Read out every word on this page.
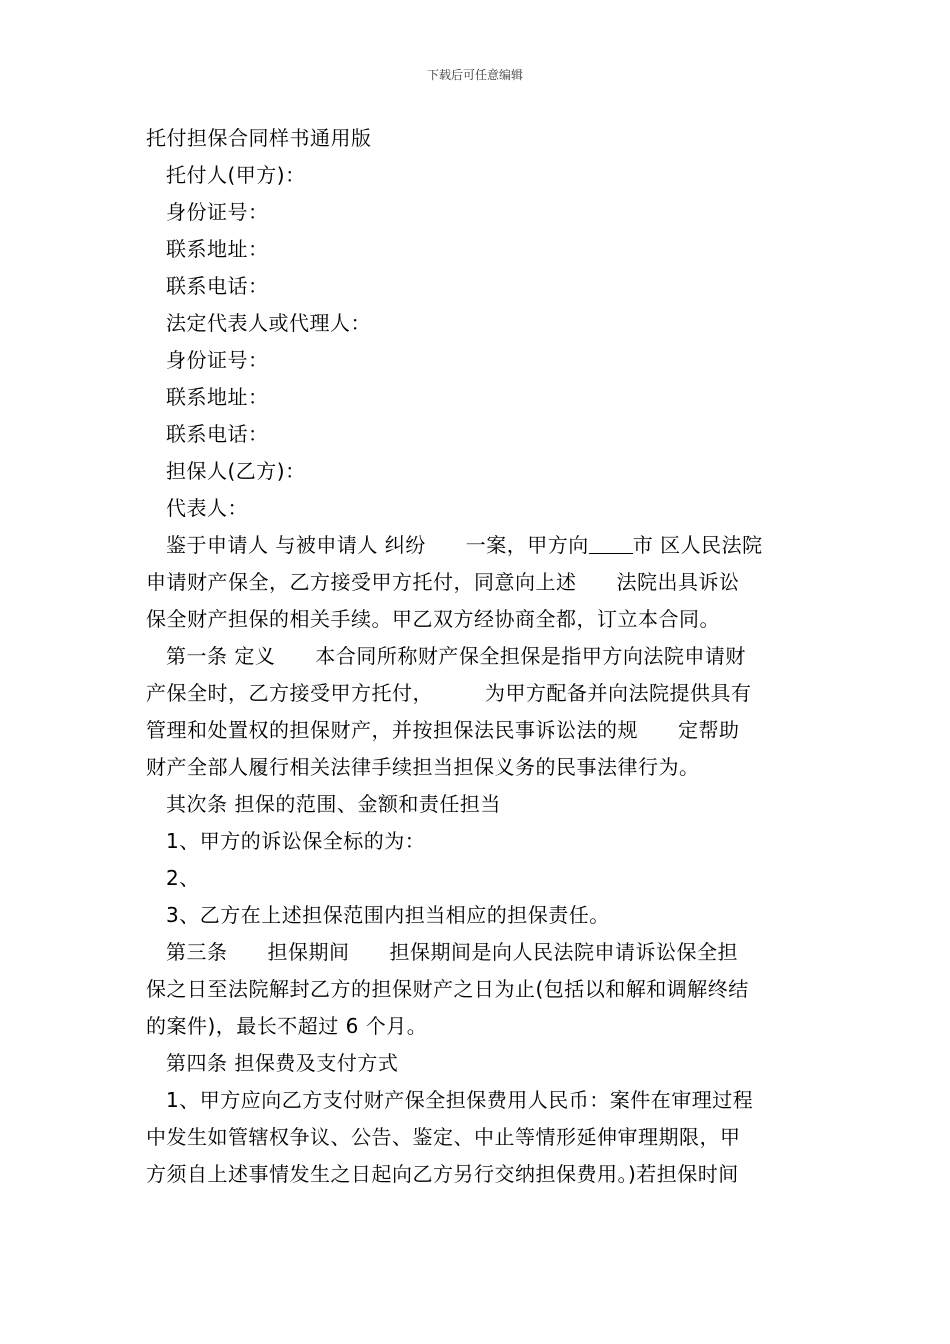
下载后可任意编辑
托付担保合同样书通用版
托付人(甲方)：
身份证号：
联系地址：
联系电话：
法定代表人或代理人：
身份证号：
联系地址：
联系电话：
担保人(乙方)：
代表人：
鉴于申请人 与被申请人 纠纷 一案，甲方向 市 区人民法院
申请财产保全，乙方接受甲方托付，同意向上述 法院出具诉讼
保全财产担保的相关手续。甲乙双方经协商全都，订立本合同。
第一条 定义 本合同所称财产保全担保是指甲方向法院申请财
产保全时，乙方接受甲方托付，	为甲方配备并向法院提供具有
管理和处置权的担保财产，并按担保法民事诉讼法的规 定帮助
财产全部人履行相关法律手续担当担保义务的民事法律行为。
其次条 担保的范围、金额和责任担当
1、甲方的诉讼保全标的为：
2、
3、乙方在上述担保范围内担当相应的担保责任。
第三条 担保期间 担保期间是向人民法院申请诉讼保全担
保之日至法院解封乙方的担保财产之日为止(包括以和解和调解终结
的案件)，最长不超过 6 个月。
第四条 担保费及支付方式
1、甲方应向乙方支付财产保全担保费用人民币：案件在审理过程
中发生如管辖权争议、公告、鉴定、中止等情形延伸审理期限，甲
方须自上述事情发生之日起向乙方另行交纳担保费用。)若担保时间
